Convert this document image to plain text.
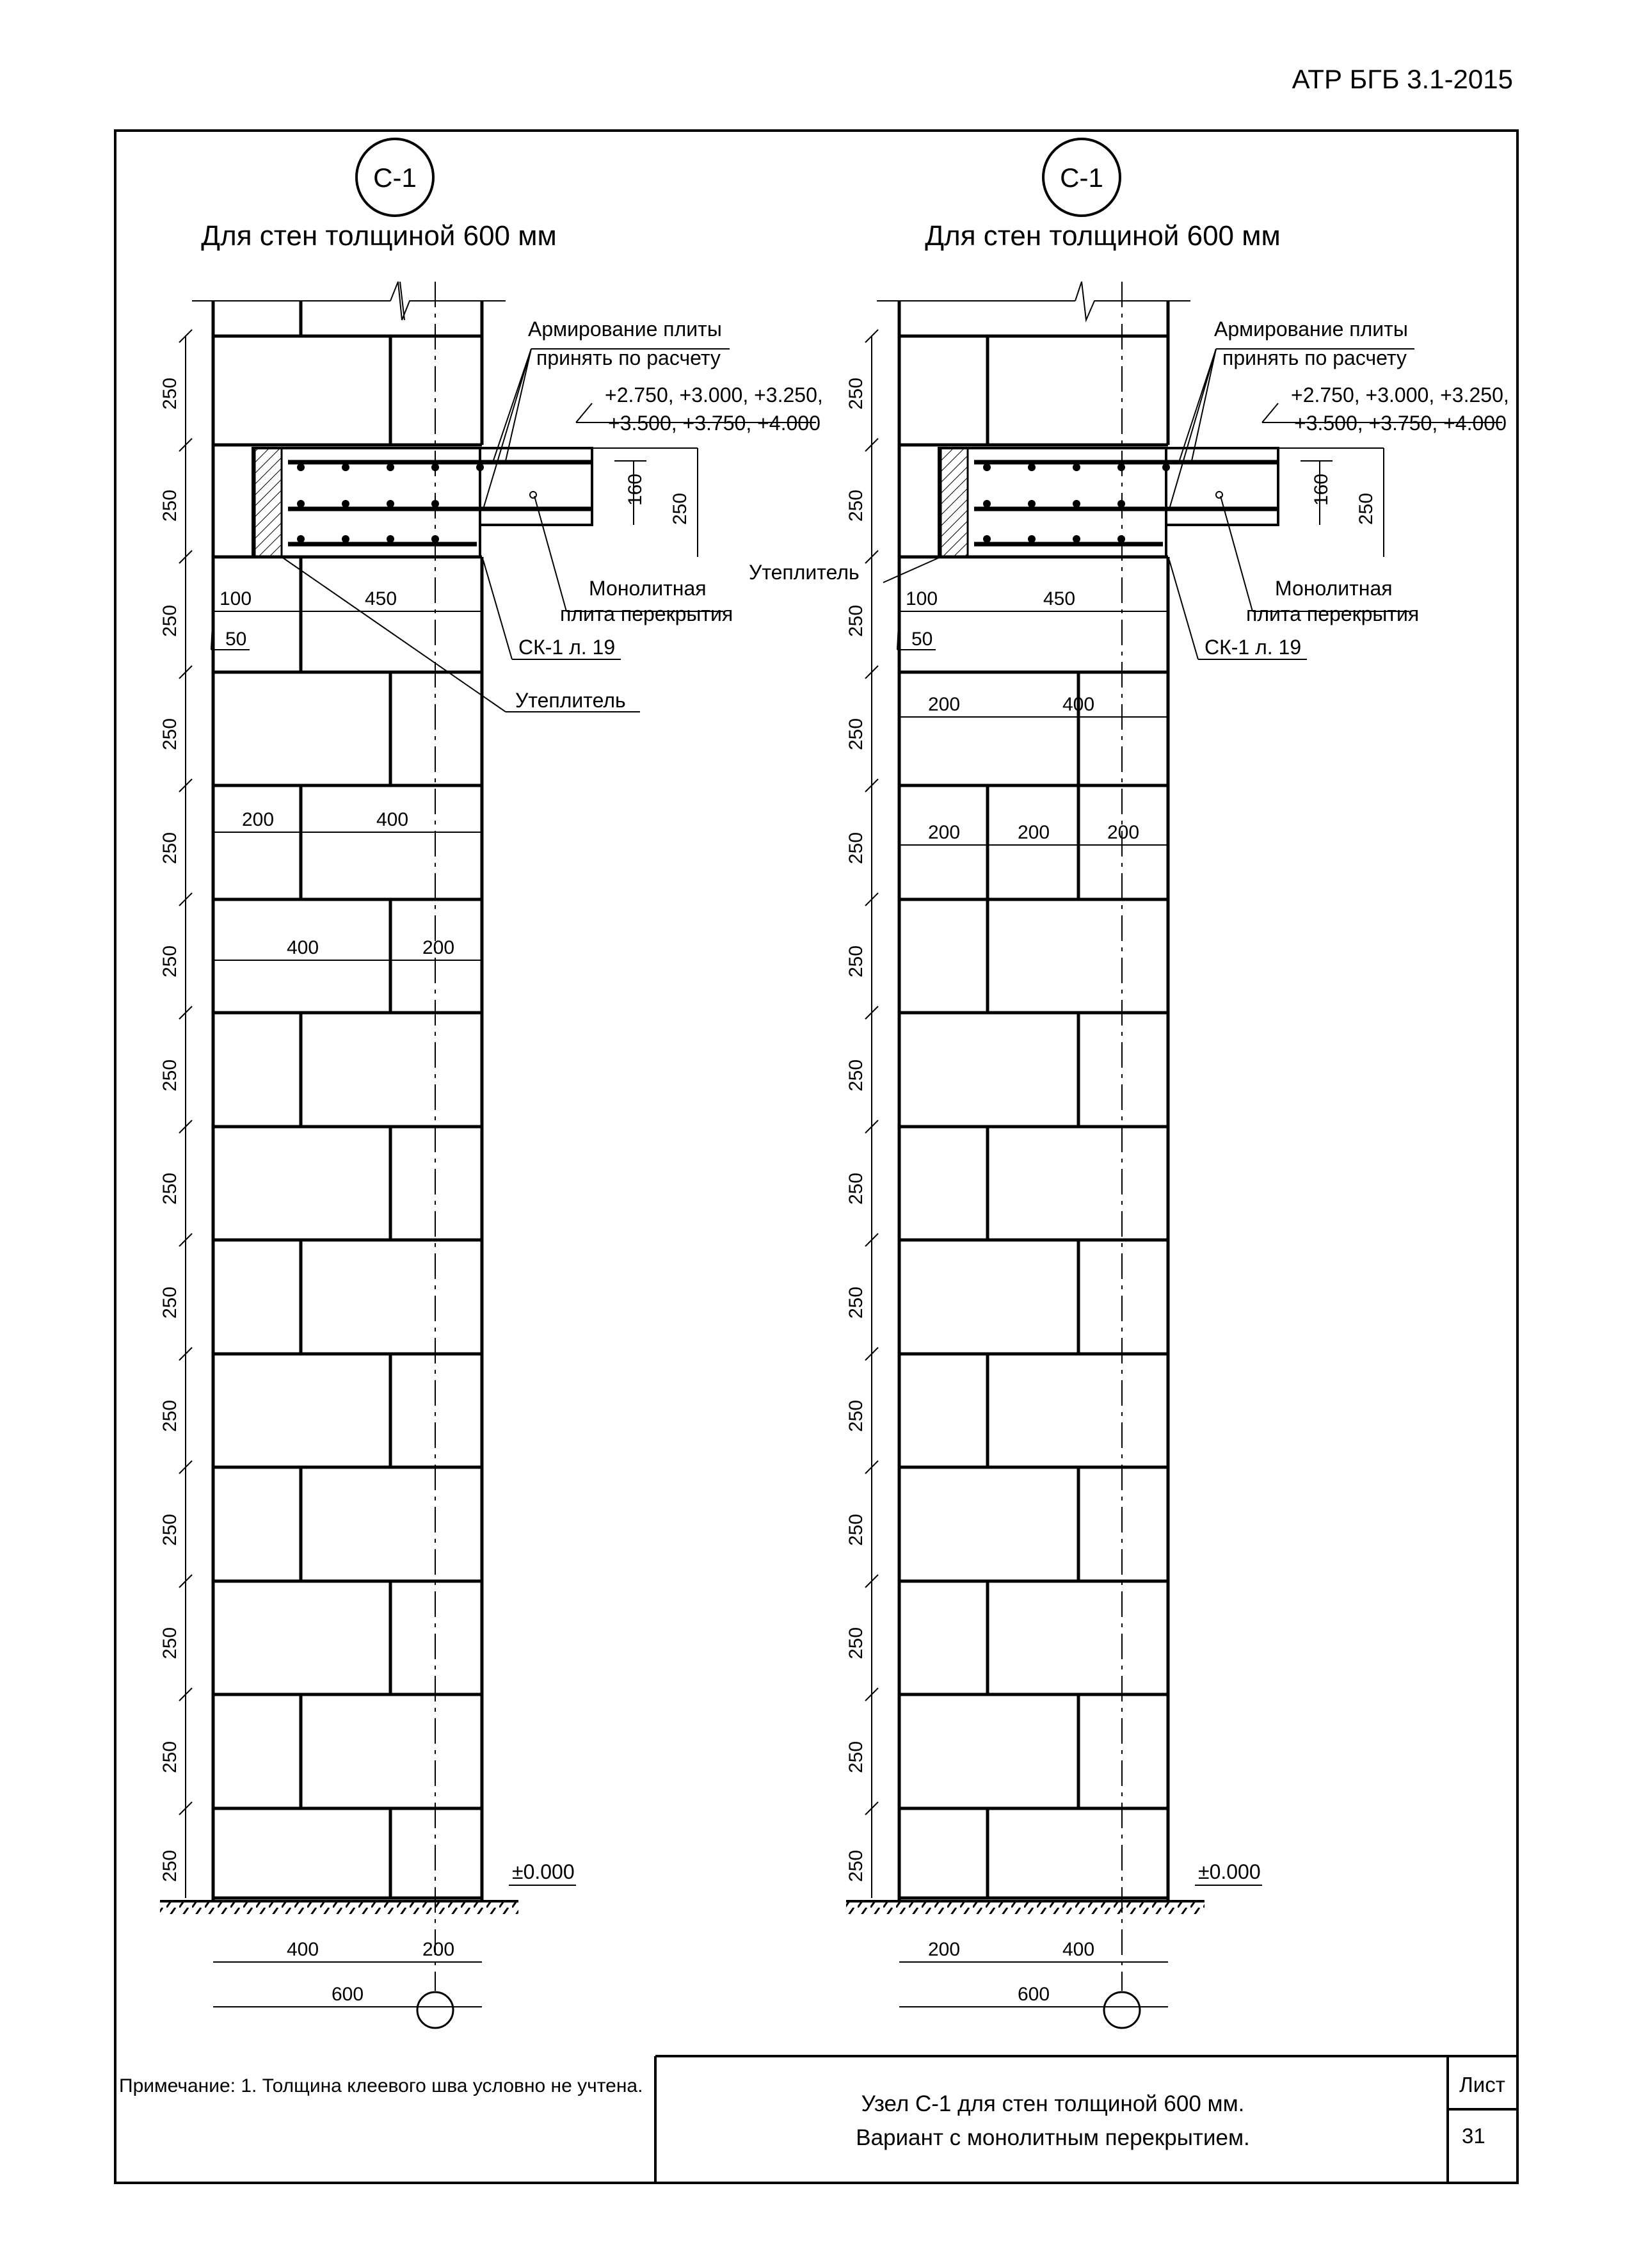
АТР БГБ 3.1-2015
С-1
Для стен толщиной 600 мм
Армирование плиты
принять по расчету
+2.750, +3.000, +3.250,
+3.500, +3.750, +4.000
Монолитная
плита перекрытия
СК-1 л. 19
Утеплитель
160
250
250
250
250
250
250
250
250
250
250
250
250
250
250
250
100	450
50
200	400
400	200
400	200
600
±0.000
С-1
Для стен толщиной 600 мм
Армирование плиты
принять по расчету
+2.750, +3.000, +3.250,
+3.500, +3.750, +4.000
Монолитная
плита перекрытия
СК-1 л. 19
Утеплитель
160
250
250
250
250
250
250
250
250
250
250
250
250
250
250
250
100	450
50
200	400
200	200	200
200	400
600
±0.000
Примечание: 1. Толщина клеевого шва условно не учтена.
Узел С-1 для стен толщиной 600 мм.
Вариант с монолитным перекрытием.
Лист
31
